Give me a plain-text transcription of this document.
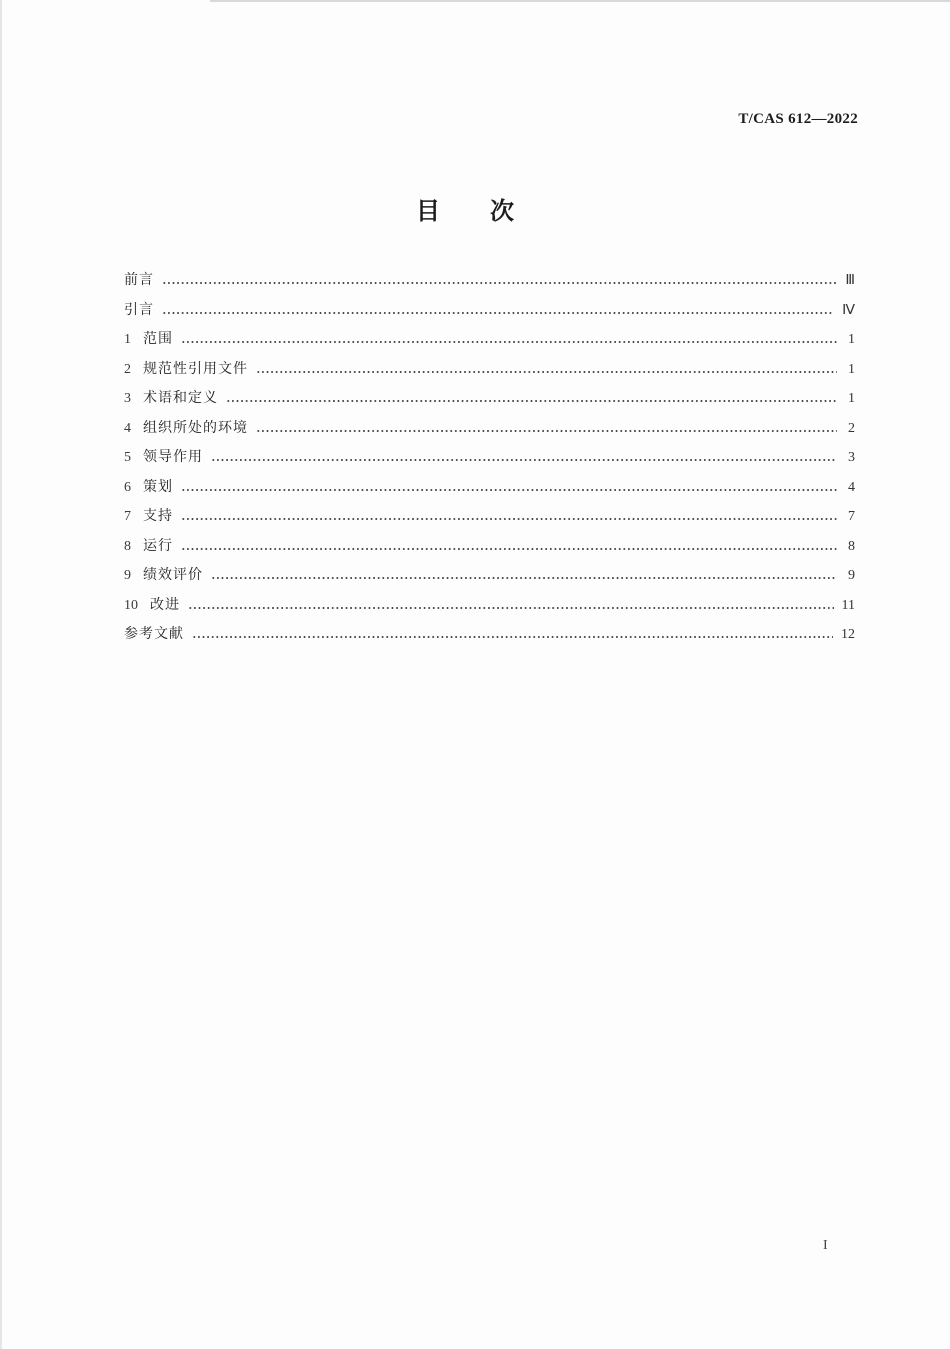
T/CAS 612—2022
目次
前言	Ⅲ
引言	Ⅳ
1 范围	1
2 规范性引用文件	1
3 术语和定义	1
4 组织所处的环境	2
5 领导作用	3
6 策划	4
7 支持	7
8 运行	8
9 绩效评价	9
10 改进	11
参考文献	12
I
